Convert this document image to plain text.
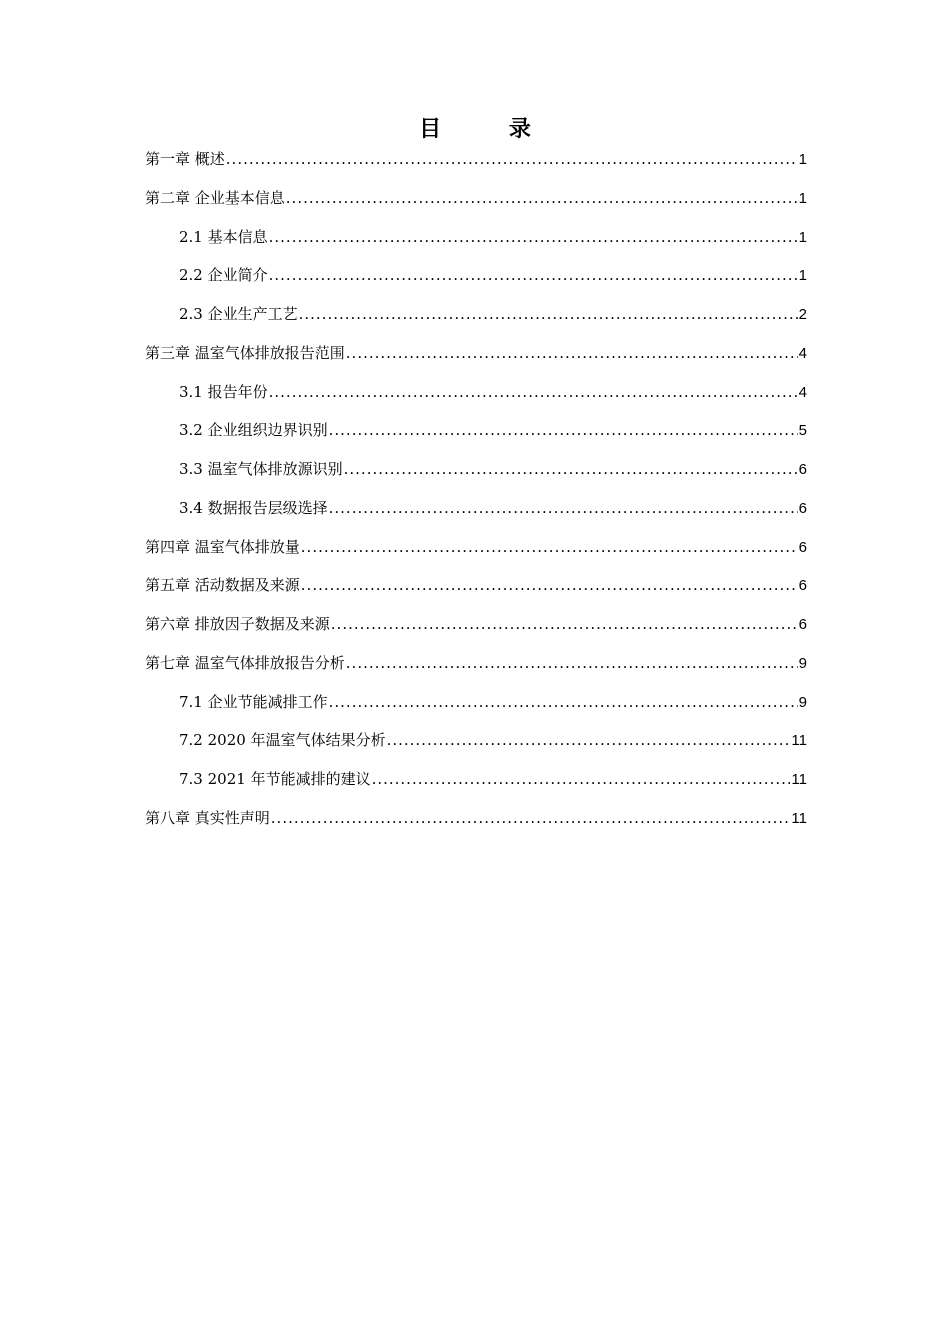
目 录
第一章 概述 .....	1
第二章 企业基本信息 .....	1
2.1 基本信息 .....	1
2.2 企业简介 .....	1
2.3 企业生产工艺 .....	2
第三章 温室气体排放报告范围 .....	4
3.1 报告年份 .....	4
3.2 企业组织边界识别 .....	5
3.3 温室气体排放源识别 .....	6
3.4 数据报告层级选择 .....	6
第四章 温室气体排放量 .....	6
第五章 活动数据及来源 .....	6
第六章 排放因子数据及来源 .....	6
第七章 温室气体排放报告分析 .....	9
7.1 企业节能减排工作 .....	9
7.2 2020 年温室气体结果分析 .....	11
7.3 2021 年节能减排的建议 .....	11
第八章 真实性声明 .....	11
